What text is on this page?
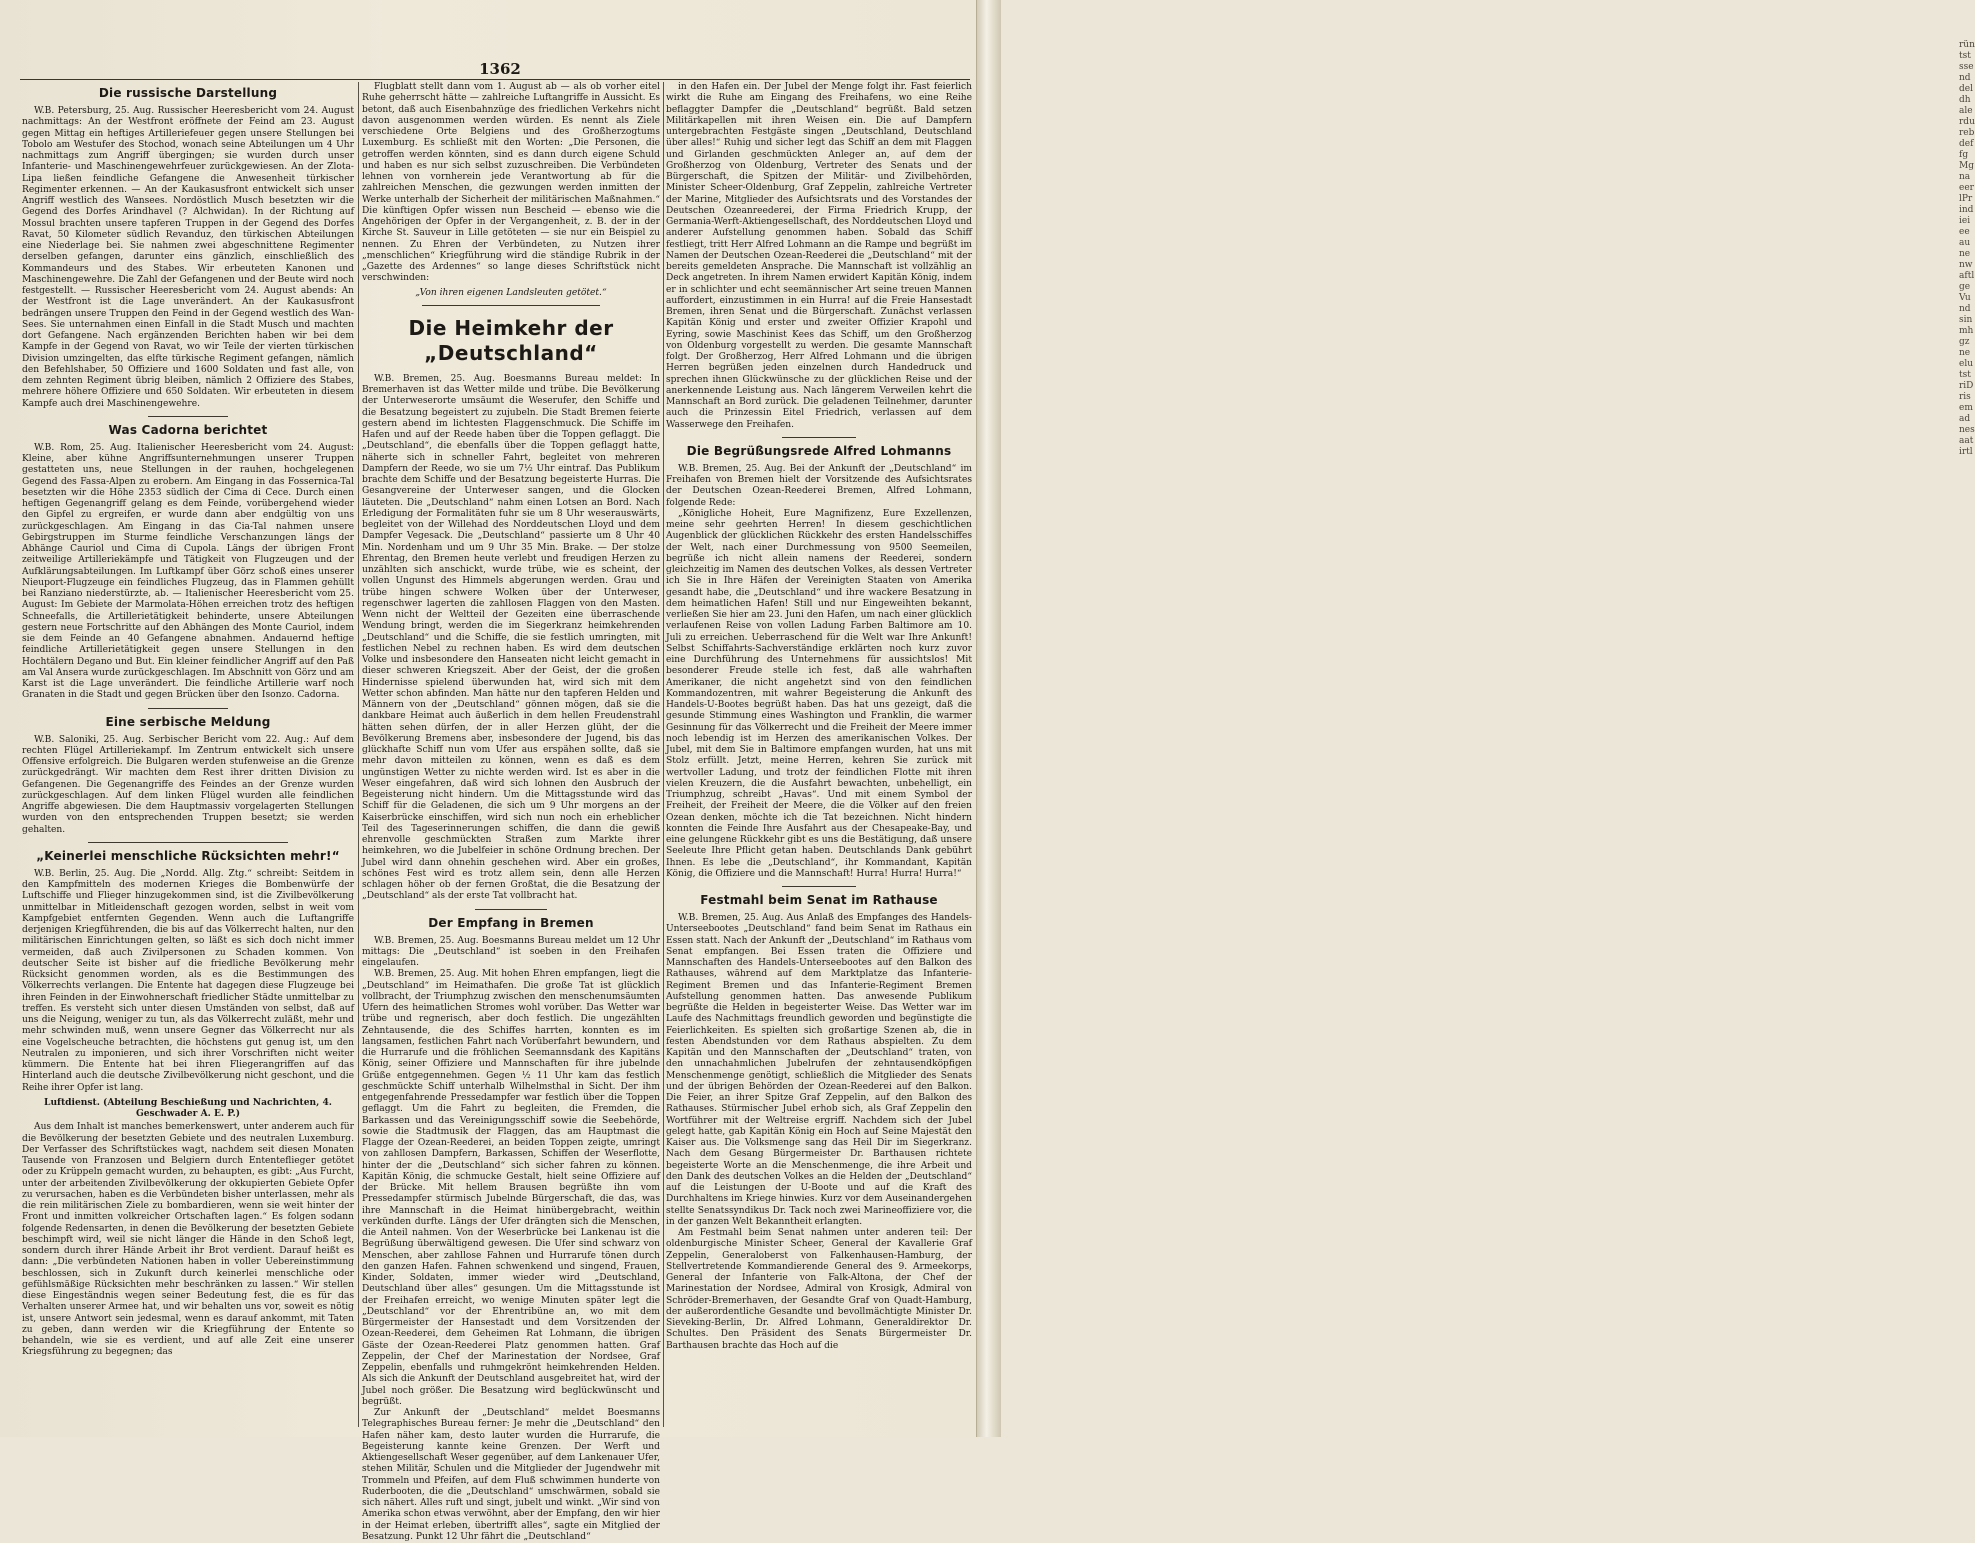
rüntstssenddeldhalerdurebdeffgMgnaeerlPrindieieeaunenwaftlgeVundsinmhgzneelutstriDrisemadnesaatirtl
1362
Die russische Darstellung

W.B. Petersburg, 25. Aug. Russischer Heeresbericht vom 24. August nachmittags: An der Westfront eröffnete der Feind am 23. August gegen Mittag ein heftiges Artilleriefeuer gegen unsere Stellungen bei Tobolo am Westufer des Stochod, wonach seine Abteilungen um 4 Uhr nachmittags zum Angriff übergingen; sie wurden durch unser Infanterie- und Maschinengewehrfeuer zurückgewiesen. An der Zlota-Lipa ließen feindliche Gefangene die Anwesenheit türkischer Regimenter erkennen. — An der Kaukasusfront entwickelt sich unser Angriff westlich des Wansees. Nordöstlich Musch besetzten wir die Gegend des Dorfes Arindhavel (? Alchwidan). In der Richtung auf Mossul brachten unsere tapferen Truppen in der Gegend des Dorfes Ravat, 50 Kilometer südlich Revanduz, den türkischen Abteilungen eine Niederlage bei. Sie nahmen zwei abgeschnittene Regimenter derselben gefangen, darunter eins gänzlich, einschließlich des Kommandeurs und des Stabes. Wir erbeuteten Kanonen und Maschinengewehre. Die Zahl der Gefangenen und der Beute wird noch festgestellt. — Russischer Heeresbericht vom 24. August abends: An der Westfront ist die Lage unverändert. An der Kaukasusfront bedrängen unsere Truppen den Feind in der Gegend westlich des Wan-Sees. Sie unternahmen einen Einfall in die Stadt Musch und machten dort Gefangene. Nach ergänzenden Berichten haben wir bei dem Kampfe in der Gegend von Ravat, wo wir Teile der vierten türkischen Division umzingelten, das elfte türkische Regiment gefangen, nämlich den Befehlshaber, 50 Offiziere und 1600 Soldaten und fast alle, von dem zehnten Regiment übrig bleiben, nämlich 2 Offiziere des Stabes, mehrere höhere Offiziere und 650 Soldaten. Wir erbeuteten in diesem Kampfe auch drei Maschinengewehre.

Was Cadorna berichtet

W.B. Rom, 25. Aug. Italienischer Heeresbericht vom 24. August: Kleine, aber kühne Angriffsunternehmungen unserer Truppen gestatteten uns, neue Stellungen in der rauhen, hochgelegenen Gegend des Fassa-Alpen zu erobern. Am Eingang in das Fossernica-Tal besetzten wir die Höhe 2353 südlich der Cima di Cece. Durch einen heftigen Gegenangriff gelang es dem Feinde, vorübergehend wieder den Gipfel zu ergreifen, er wurde dann aber endgültig von uns zurückgeschlagen. Am Eingang in das Cia-Tal nahmen unsere Gebirgstruppen im Sturme feindliche Verschanzungen längs der Abhänge Cauriol und Cima di Cupola. Längs der übrigen Front zeitweilige Artilleriekämpfe und Tätigkeit von Flugzeugen und der Aufklärungsabteilungen. Im Luftkampf über Görz schoß eines unserer Nieuport-Flugzeuge ein feindliches Flugzeug, das in Flammen gehüllt bei Ranziano niederstürzte, ab. — Italienischer Heeresbericht vom 25. August: Im Gebiete der Marmolata-Höhen erreichen trotz des heftigen Schneefalls, die Artillerietätigkeit behinderte, unsere Abteilungen gestern neue Fortschritte auf den Abhängen des Monte Cauriol, indem sie dem Feinde an 40 Gefangene abnahmen. Andauernd heftige feindliche Artillerietätigkeit gegen unsere Stellungen in den Hochtälern Degano und But. Ein kleiner feindlicher Angriff auf den Paß am Val Ansera wurde zurückgeschlagen. Im Abschnitt von Görz und am Karst ist die Lage unverändert. Die feindliche Artillerie warf noch Granaten in die Stadt und gegen Brücken über den Isonzo. Cadorna.

Eine serbische Meldung

W.B. Saloniki, 25. Aug. Serbischer Bericht vom 22. Aug.: Auf dem rechten Flügel Artilleriekampf. Im Zentrum entwickelt sich unsere Offensive erfolgreich. Die Bulgaren werden stufenweise an die Grenze zurückgedrängt. Wir machten dem Rest ihrer dritten Division zu Gefangenen. Die Gegenangriffe des Feindes an der Grenze wurden zurückgeschlagen. Auf dem linken Flügel wurden alle feindlichen Angriffe abgewiesen. Die dem Hauptmassiv vorgelagerten Stellungen wurden von den entsprechenden Truppen besetzt; sie werden gehalten.

„Keinerlei menschliche Rücksichten mehr!“

W.B. Berlin, 25. Aug. Die „Nordd. Allg. Ztg.“ schreibt: Seitdem in den Kampfmitteln des modernen Krieges die Bombenwürfe der Luftschiffe und Flieger hinzugekommen sind, ist die Zivilbevölkerung unmittelbar in Mitleidenschaft gezogen worden, selbst in weit vom Kampfgebiet entfernten Gegenden. Wenn auch die Luftangriffe derjenigen Kriegführenden, die bis auf das Völkerrecht halten, nur den militärischen Einrichtungen gelten, so läßt es sich doch nicht immer vermeiden, daß auch Zivilpersonen zu Schaden kommen. Von deutscher Seite ist bisher auf die friedliche Bevölkerung mehr Rücksicht genommen worden, als es die Bestimmungen des Völkerrechts verlangen. Die Entente hat dagegen diese Flugzeuge bei ihren Feinden in der Einwohnerschaft friedlicher Städte unmittelbar zu treffen. Es versteht sich unter diesen Umständen von selbst, daß auf uns die Neigung, weniger zu tun, als das Völkerrecht zuläßt, mehr und mehr schwinden muß, wenn unsere Gegner das Völkerrecht nur als eine Vogelscheuche betrachten, die höchstens gut genug ist, um den Neutralen zu imponieren, und sich ihrer Vorschriften nicht weiter kümmern. Die Entente hat bei ihren Fliegerangriffen auf das Hinterland auch die deutsche Zivilbevölkerung nicht geschont, und die Reihe ihrer Opfer ist lang.

Luftdienst. (Abteilung Beschießung und Nachrichten, 4. Geschwader A. E. P.)

Aus dem Inhalt ist manches bemerkenswert, unter anderem auch für die Bevölkerung der besetzten Gebiete und des neutralen Luxemburg. Der Verfasser des Schriftstückes wagt, nachdem seit diesen Monaten Tausende von Franzosen und Belgiern durch Ententeflieger getötet oder zu Krüppeln gemacht wurden, zu behaupten, es gibt: „Aus Furcht, unter der arbeitenden Zivilbevölkerung der okkupierten Gebiete Opfer zu verursachen, haben es die Verbündeten bisher unterlassen, mehr als die rein militärischen Ziele zu bombardieren, wenn sie weit hinter der Front und inmitten volkreicher Ortschaften lagen.“ Es folgen sodann folgende Redensarten, in denen die Bevölkerung der besetzten Gebiete beschimpft wird, weil sie nicht länger die Hände in den Schoß legt, sondern durch ihrer Hände Arbeit ihr Brot verdient. Darauf heißt es dann: „Die verbündeten Nationen haben in voller Uebereinstimmung beschlossen, sich in Zukunft durch keinerlei menschliche oder gefühlsmäßige Rücksichten mehr beschränken zu lassen.“ Wir stellen diese Eingeständnis wegen seiner Bedeutung fest, die es für das Verhalten unserer Armee hat, und wir behalten uns vor, soweit es nötig ist, unsere Antwort sein jedesmal, wenn es darauf ankommt, mit Taten zu geben, dann werden wir die Kriegführung der Entente so behandeln, wie sie es verdient, und auf alle Zeit eine unserer Kriegsführung zu begegnen; das

Flugblatt stellt dann vom 1. August ab — als ob vorher eitel Ruhe geherrscht hätte — zahlreiche Luftangriffe in Aussicht. Es betont, daß auch Eisenbahnzüge des friedlichen Verkehrs nicht davon ausgenommen werden würden. Es nennt als Ziele verschiedene Orte Belgiens und des Großherzogtums Luxemburg. Es schließt mit den Worten: „Die Personen, die getroffen werden könnten, sind es dann durch eigene Schuld und haben es nur sich selbst zuzuschreiben. Die Verbündeten lehnen von vornherein jede Verantwortung ab für die zahlreichen Menschen, die gezwungen werden inmitten der Werke unterhalb der Sicherheit der militärischen Maßnahmen.“ Die künftigen Opfer wissen nun Bescheid — ebenso wie die Angehörigen der Opfer in der Vergangenheit, z. B. der in der Kirche St. Sauveur in Lille getöteten — sie nur ein Beispiel zu nennen. Zu Ehren der Verbündeten, zu Nutzen ihrer „menschlichen“ Kriegführung wird die ständige Rubrik in der „Gazette des Ardennes“ so lange dieses Schriftstück nicht verschwinden:

„Von ihren eigenen Landsleuten getötet.“
Die Heimkehr der „Deutschland“

W.B. Bremen, 25. Aug. Boesmanns Bureau meldet: In Bremerhaven ist das Wetter milde und trübe. Die Bevölkerung der Unterweserorte umsäumt die Weserufer, den Schiffe und die Besatzung begeistert zu zujubeln. Die Stadt Bremen feierte gestern abend im lichtesten Flaggenschmuck. Die Schiffe im Hafen und auf der Reede haben über die Toppen geflaggt. Die „Deutschland“, die ebenfalls über die Toppen geflaggt hatte, näherte sich in schneller Fahrt, begleitet von mehreren Dampfern der Reede, wo sie um 7½ Uhr eintraf. Das Publikum brachte dem Schiffe und der Besatzung begeisterte Hurras. Die Gesangvereine der Unterweser sangen, und die Glocken läuteten. Die „Deutschland“ nahm einen Lotsen an Bord. Nach Erledigung der Formalitäten fuhr sie um 8 Uhr weserauswärts, begleitet von der Willehad des Norddeutschen Lloyd und dem Dampfer Vegesack. Die „Deutschland“ passierte um 8 Uhr 40 Min. Nordenham und um 9 Uhr 35 Min. Brake. — Der stolze Ehrentag, den Bremen heute verlebt und freudigen Herzen zu unzählten sich anschickt, wurde trübe, wie es scheint, der vollen Ungunst des Himmels abgerungen werden. Grau und trübe hingen schwere Wolken über der Unterweser, regenschwer lagerten die zahllosen Flaggen von den Masten. Wenn nicht der Weltteil der Gezeiten eine überraschende Wendung bringt, werden die im Siegerkranz heimkehrenden „Deutschland“ und die Schiffe, die sie festlich umringten, mit festlichen Nebel zu rechnen haben. Es wird dem deutschen Volke und insbesondere den Hanseaten nicht leicht gemacht in dieser schweren Kriegszeit. Aber der Geist, der die großen Hindernisse spielend überwunden hat, wird sich mit dem Wetter schon abfinden. Man hätte nur den tapferen Helden und Männern von der „Deutschland“ gönnen mögen, daß sie die dankbare Heimat auch äußerlich in dem hellen Freudenstrahl hätten sehen dürfen, der in aller Herzen glüht, der die Bevölkerung Bremens aber, insbesondere der Jugend, bis das glückhafte Schiff nun vom Ufer aus erspähen sollte, daß sie mehr davon mitteilen zu können, wenn es daß es dem ungünstigen Wetter zu nichte werden wird. Ist es aber in die Weser eingefahren, daß wird sich lohnen den Ausbruch der Begeisterung nicht hindern. Um die Mittagsstunde wird das Schiff für die Geladenen, die sich um 9 Uhr morgens an der Kaiserbrücke einschiffen, wird sich nun noch ein erheblicher Teil des Tageserinnerungen schiffen, die dann die gewiß ehrenvolle geschmückten Straßen zum Markte ihrer heimkehren, wo die Jubelfeier in schöne Ordnung brechen. Der Jubel wird dann ohnehin geschehen wird. Aber ein großes, schönes Fest wird es trotz allem sein, denn alle Herzen schlagen höher ob der fernen Großtat, die die Besatzung der „Deutschland“ als der erste Tat vollbracht hat.

Der Empfang in Bremen

W.B. Bremen, 25. Aug. Boesmanns Bureau meldet um 12 Uhr mittags: Die „Deutschland“ ist soeben in den Freihafen eingelaufen.

W.B. Bremen, 25. Aug. Mit hohen Ehren empfangen, liegt die „Deutschland“ im Heimathafen. Die große Tat ist glücklich vollbracht, der Triumphzug zwischen den menschenumsäumten Ufern des heimatlichen Stromes wohl vorüber. Das Wetter war trübe und regnerisch, aber doch festlich. Die ungezählten Zehntausende, die des Schiffes harrten, konnten es im langsamen, festlichen Fahrt nach Vorüberfahrt bewundern, und die Hurrarufe und die fröhlichen Seemannsdank des Kapitäns König, seiner Offiziere und Mannschaften für ihre jubelnde Grüße entgegennehmen. Gegen ½ 11 Uhr kam das festlich geschmückte Schiff unterhalb Wilhelmsthal in Sicht. Der ihm entgegenfahrende Pressedampfer war festlich über die Toppen geflaggt. Um die Fahrt zu begleiten, die Fremden, die Barkassen und das Vereinigungsschiff sowie die Seebehörde, sowie die Stadtmusik der Flaggen, das am Hauptmast die Flagge der Ozean-Reederei, an beiden Toppen zeigte, umringt von zahllosen Dampfern, Barkassen, Schiffen der Weserflotte, hinter der die „Deutschland“ sich sicher fahren zu können. Kapitän König, die schmucke Gestalt, hielt seine Offiziere auf der Brücke. Mit hellem Brausen begrüßte ihn vom Pressedampfer stürmisch Jubelnde Bürgerschaft, die das, was ihre Mannschaft in die Heimat hinübergebracht, weithin verkünden durfte. Längs der Ufer drängten sich die Menschen, die Anteil nahmen. Von der Weserbrücke bei Lankenau ist die Begrüßung überwältigend gewesen. Die Ufer sind schwarz von Menschen, aber zahllose Fahnen und Hurrarufe tönen durch den ganzen Hafen. Fahnen schwenkend und singend, Frauen, Kinder, Soldaten, immer wieder wird „Deutschland, Deutschland über alles“ gesungen. Um die Mittagsstunde ist der Freihafen erreicht, wo wenige Minuten später legt die „Deutschland“ vor der Ehrentribüne an, wo mit dem Bürgermeister der Hansestadt und dem Vorsitzenden der Ozean-Reederei, dem Geheimen Rat Lohmann, die übrigen Gäste der Ozean-Reederei Platz genommen hatten. Graf Zeppelin, der Chef der Marinestation der Nordsee, Graf Zeppelin, ebenfalls und ruhmgekrönt heimkehrenden Helden. Als sich die Ankunft der Deutschland ausgebreitet hat, wird der Jubel noch größer. Die Besatzung wird beglückwünscht und begrüßt.

Zur Ankunft der „Deutschland“ meldet Boesmanns Telegraphisches Bureau ferner: Je mehr die „Deutschland“ den Hafen näher kam, desto lauter wurden die Hurrarufe, die Begeisterung kannte keine Grenzen. Der Werft und Aktiengesellschaft Weser gegenüber, auf dem Lankenauer Ufer, stehen Militär, Schulen und die Mitglieder der Jugendwehr mit Trommeln und Pfeifen, auf dem Fluß schwimmen hunderte von Ruderbooten, die die „Deutschland“ umschwärmen, sobald sie sich nähert. Alles ruft und singt, jubelt und winkt. „Wir sind von Amerika schon etwas verwöhnt, aber der Empfang, den wir hier in der Heimat erleben, übertrifft alles“, sagte ein Mitglied der Besatzung. Punkt 12 Uhr fährt die „Deutschland“

in den Hafen ein. Der Jubel der Menge folgt ihr. Fast feierlich wirkt die Ruhe am Eingang des Freihafens, wo eine Reihe beflaggter Dampfer die „Deutschland“ begrüßt. Bald setzen Militärkapellen mit ihren Weisen ein. Die auf Dampfern untergebrachten Festgäste singen „Deutschland, Deutschland über alles!“ Ruhig und sicher legt das Schiff an dem mit Flaggen und Girlanden geschmückten Anleger an, auf dem der Großherzog von Oldenburg, Vertreter des Senats und der Bürgerschaft, die Spitzen der Militär- und Zivilbehörden, Minister Scheer-Oldenburg, Graf Zeppelin, zahlreiche Vertreter der Marine, Mitglieder des Aufsichtsrats und des Vorstandes der Deutschen Ozeanreederei, der Firma Friedrich Krupp, der Germania-Werft-Aktiengesellschaft, des Norddeutschen Lloyd und anderer Aufstellung genommen haben. Sobald das Schiff festliegt, tritt Herr Alfred Lohmann an die Rampe und begrüßt im Namen der Deutschen Ozean-Reederei die „Deutschland“ mit der bereits gemeldeten Ansprache. Die Mannschaft ist vollzählig an Deck angetreten. In ihrem Namen erwidert Kapitän König, indem er in schlichter und echt seemännischer Art seine treuen Mannen auffordert, einzustimmen in ein Hurra! auf die Freie Hansestadt Bremen, ihren Senat und die Bürgerschaft. Zunächst verlassen Kapitän König und erster und zweiter Offizier Krapohl und Eyring, sowie Maschinist Kees das Schiff, um den Großherzog von Oldenburg vorgestellt zu werden. Die gesamte Mannschaft folgt. Der Großherzog, Herr Alfred Lohmann und die übrigen Herren begrüßen jeden einzelnen durch Handedruck und sprechen ihnen Glückwünsche zu der glücklichen Reise und der anerkennende Leistung aus. Nach längerem Verweilen kehrt die Mannschaft an Bord zurück. Die geladenen Teilnehmer, darunter auch die Prinzessin Eitel Friedrich, verlassen auf dem Wasserwege den Freihafen.

Die Begrüßungsrede Alfred Lohmanns

W.B. Bremen, 25. Aug. Bei der Ankunft der „Deutschland“ im Freihafen von Bremen hielt der Vorsitzende des Aufsichtsrates der Deutschen Ozean-Reederei Bremen, Alfred Lohmann, folgende Rede:

„Königliche Hoheit, Eure Magnifizenz, Eure Exzellenzen, meine sehr geehrten Herren! In diesem geschichtlichen Augenblick der glücklichen Rückkehr des ersten Handelsschiffes der Welt, nach einer Durchmessung von 9500 Seemeilen, begrüße ich nicht allein namens der Reederei, sondern gleichzeitig im Namen des deutschen Volkes, als dessen Vertreter ich Sie in Ihre Häfen der Vereinigten Staaten von Amerika gesandt habe, die „Deutschland“ und ihre wackere Besatzung in dem heimatlichen Hafen! Still und nur Eingeweihten bekannt, verließen Sie hier am 23. Juni den Hafen, um nach einer glücklich verlaufenen Reise von vollen Ladung Farben Baltimore am 10. Juli zu erreichen. Ueberraschend für die Welt war Ihre Ankunft! Selbst Schiffahrts-Sachverständige erklärten noch kurz zuvor eine Durchführung des Unternehmens für aussichtslos! Mit besonderer Freude stelle ich fest, daß alle wahrhaften Amerikaner, die nicht angehetzt sind von den feindlichen Kommandozentren, mit wahrer Begeisterung die Ankunft des Handels-U-Bootes begrüßt haben. Das hat uns gezeigt, daß die gesunde Stimmung eines Washington und Franklin, die warmer Gesinnung für das Völkerrecht und die Freiheit der Meere immer noch lebendig ist im Herzen des amerikanischen Volkes. Der Jubel, mit dem Sie in Baltimore empfangen wurden, hat uns mit Stolz erfüllt. Jetzt, meine Herren, kehren Sie zurück mit wertvoller Ladung, und trotz der feindlichen Flotte mit ihren vielen Kreuzern, die die Ausfahrt bewachten, unbehelligt, ein Triumphzug, schreibt „Havas“. Und mit einem Symbol der Freiheit, der Freiheit der Meere, die die Völker auf den freien Ozean denken, möchte ich die Tat bezeichnen. Nicht hindern konnten die Feinde Ihre Ausfahrt aus der Chesapeake-Bay, und eine gelungene Rückkehr gibt es uns die Bestätigung, daß unsere Seeleute Ihre Pflicht getan haben. Deutschlands Dank gebührt Ihnen. Es lebe die „Deutschland“, ihr Kommandant, Kapitän König, die Offiziere und die Mannschaft! Hurra! Hurra! Hurra!“

Festmahl beim Senat im Rathause

W.B. Bremen, 25. Aug. Aus Anlaß des Empfanges des Handels-Unterseebootes „Deutschland“ fand beim Senat im Rathaus ein Essen statt. Nach der Ankunft der „Deutschland“ im Rathaus vom Senat empfangen. Bei Essen traten die Offiziere und Mannschaften des Handels-Unterseebootes auf den Balkon des Rathauses, während auf dem Marktplatze das Infanterie-Regiment Bremen und das Infanterie-Regiment Bremen Aufstellung genommen hatten. Das anwesende Publikum begrüßte die Helden in begeisterter Weise. Das Wetter war im Laufe des Nachmittags freundlich geworden und begünstigte die Feierlichkeiten. Es spielten sich großartige Szenen ab, die in festen Abendstunden vor dem Rathaus abspielten. Zu dem Kapitän und den Mannschaften der „Deutschland“ traten, von den unnachahmlichen Jubelrufen der zehntausendköpfigen Menschenmenge genötigt, schließlich die Mitglieder des Senats und der übrigen Behörden der Ozean-Reederei auf den Balkon. Die Feier, an ihrer Spitze Graf Zeppelin, auf den Balkon des Rathauses. Stürmischer Jubel erhob sich, als Graf Zeppelin den Wortführer mit der Weltreise ergriff. Nachdem sich der Jubel gelegt hatte, gab Kapitän König ein Hoch auf Seine Majestät den Kaiser aus. Die Volksmenge sang das Heil Dir im Siegerkranz. Nach dem Gesang Bürgermeister Dr. Barthausen richtete begeisterte Worte an die Menschenmenge, die ihre Arbeit und den Dank des deutschen Volkes an die Helden der „Deutschland“ auf die Leistungen der U-Boote und auf die Kraft des Durchhaltens im Kriege hinwies. Kurz vor dem Auseinandergehen stellte Senatssyndikus Dr. Tack noch zwei Marineoffiziere vor, die in der ganzen Welt Bekanntheit erlangten.

Am Festmahl beim Senat nahmen unter anderen teil: Der oldenburgische Minister Scheer, General der Kavallerie Graf Zeppelin, Generaloberst von Falkenhausen-Hamburg, der Stellvertretende Kommandierende General des 9. Armeekorps, General der Infanterie von Falk-Altona, der Chef der Marinestation der Nordsee, Admiral von Krosigk, Admiral von Schröder-Bremerhaven, der Gesandte Graf von Quadt-Hamburg, der außerordentliche Gesandte und bevollmächtigte Minister Dr. Sieveking-Berlin, Dr. Alfred Lohmann, Generaldirektor Dr. Schultes. Den Präsident des Senats Bürgermeister Dr. Barthausen brachte das Hoch auf die
